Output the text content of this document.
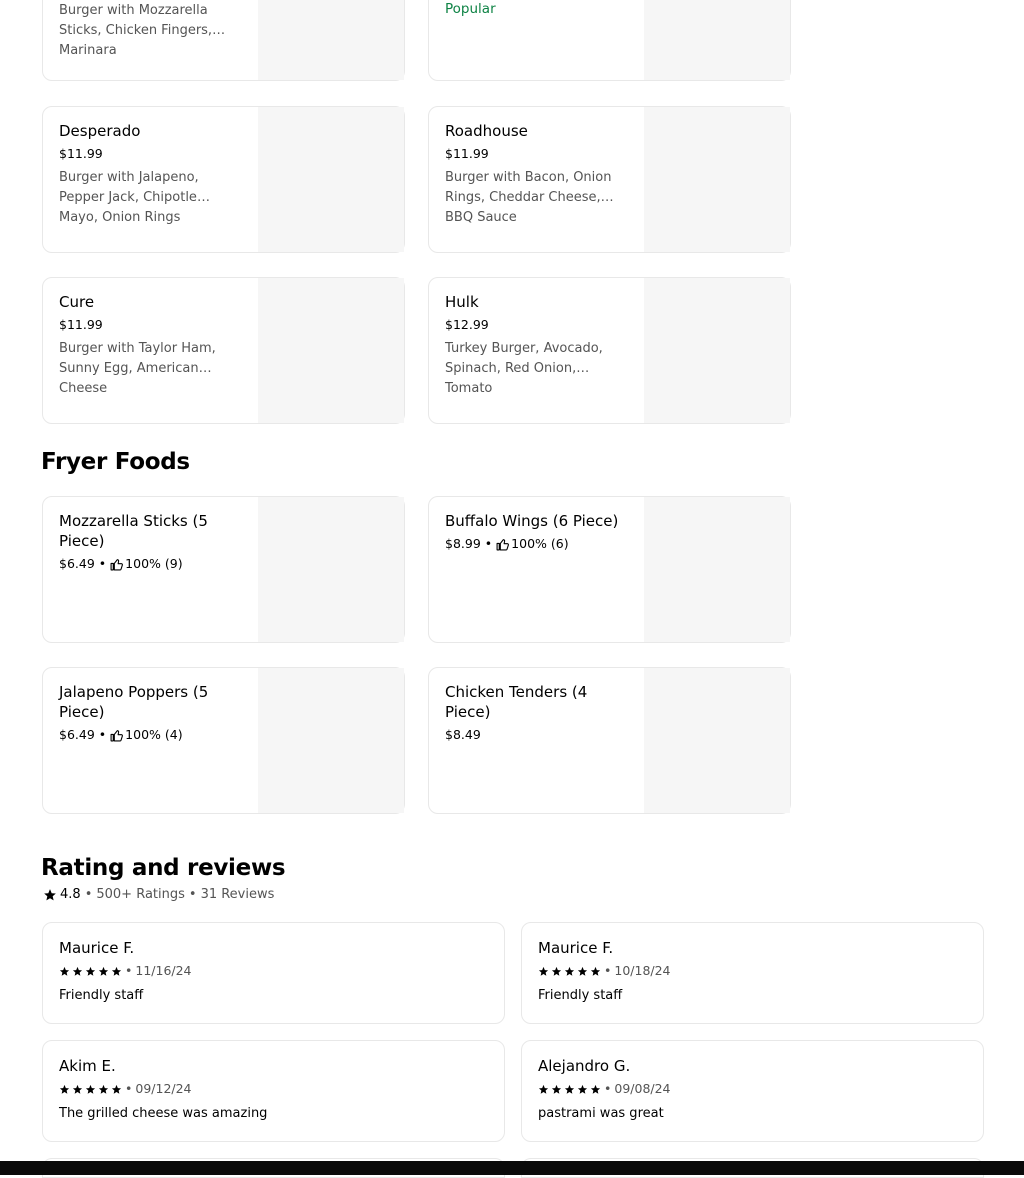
Burger with Mozzarella Sticks, Chicken Fingers, Marinara
Popular
Desperado
$11.99
Burger with Jalapeno, Pepper Jack, Chipotle Mayo, Onion Rings
Roadhouse
$11.99
Burger with Bacon, Onion Rings, Cheddar Cheese, BBQ Sauce
Cure
$11.99
Burger with Taylor Ham, Sunny Egg, American Cheese
Hulk
$12.99
Turkey Burger, Avocado, Spinach, Red Onion, Tomato
Fryer Foods
Mozzarella Sticks (5 Piece)
$6.49 • 100% (9)
Buffalo Wings (6 Piece)
$8.99 • 100% (6)
Jalapeno Poppers (5 Piece)
$6.49 • 100% (4)
Chicken Tenders (4 Piece)
$8.49
Rating and reviews
4.8 • 500+ Ratings • 31 Reviews
Maurice F.
• 11/16/24
Friendly staff
Maurice F.
• 10/18/24
Friendly staff
Akim E.
• 09/12/24
The grilled cheese was amazing
Alejandro G.
• 09/08/24
pastrami was great
